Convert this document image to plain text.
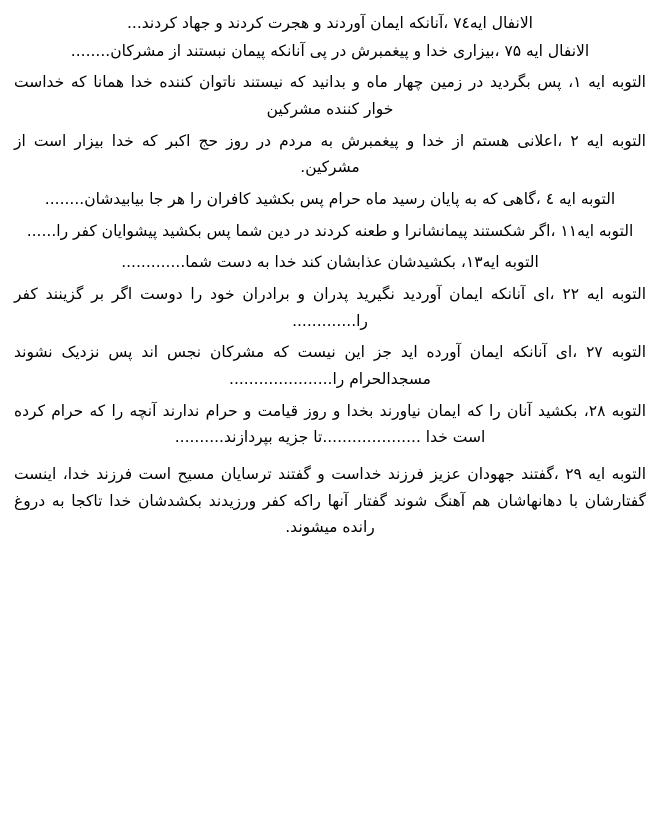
الانفال ایه۷٤ ،آنانکه ایمان آوردند و هجرت کردند و جهاد کردند...

الانفال ایه ۷۵ ،بیزاری خدا و پیغمبرش در پی آنانکه پیمان نبستند از مشرکان........

التوبه ایه ۱، پس بگردید در زمین چهار ماه و بدانید که نیستند ناتوان کننده خدا همانا که خداست خوار کننده مشرکین

التوبه ایه ۲ ،اعلانی هستم از خدا و پیغمبرش به مردم در روز حج اکبر که خدا بیزار است از مشرکین.

التوبه ایه ٤ ،گاهی که به پایان رسید ماه حرام پس بکشید کافران را هر جا بیابیدشان........

التوبه ایه۱۱ ،اگر شکستند پیمانشانرا و طعنه کردند در دین شما پس بکشید پیشوایان کفر را......

التوبه ایه۱۳، بکشیدشان عذابشان کند خدا به دست شما.............

التوبه ایه ۲۲ ،ای آنانکه ایمان آوردید نگیرید پدران و برادران خود را دوست اگر بر گزینند کفر را.............

التوبه ۲۷ ،ای آنانکه ایمان آورده اید جز این نیست که مشرکان نجس اند پس نزدیک نشوند مسجدالحرام را.....................

التوبه ۲۸، بکشید آنان را که ایمان نیاورند بخدا و روز قیامت و حرام ندارند آنچه را که حرام کرده است خدا ....................تا جزیه بپردازند..........

التوبه ایه ۲۹ ،گفتند جهودان عزیز فرزند خداست و گفتند ترسایان مسیح است فرزند خدا، اینست گفتارشان با دهانهاشان هم آهنگ شوند گفتار آنها راکه کفر ورزیدند بکشدشان خدا تاکجا به دروغ رانده میشوند.
